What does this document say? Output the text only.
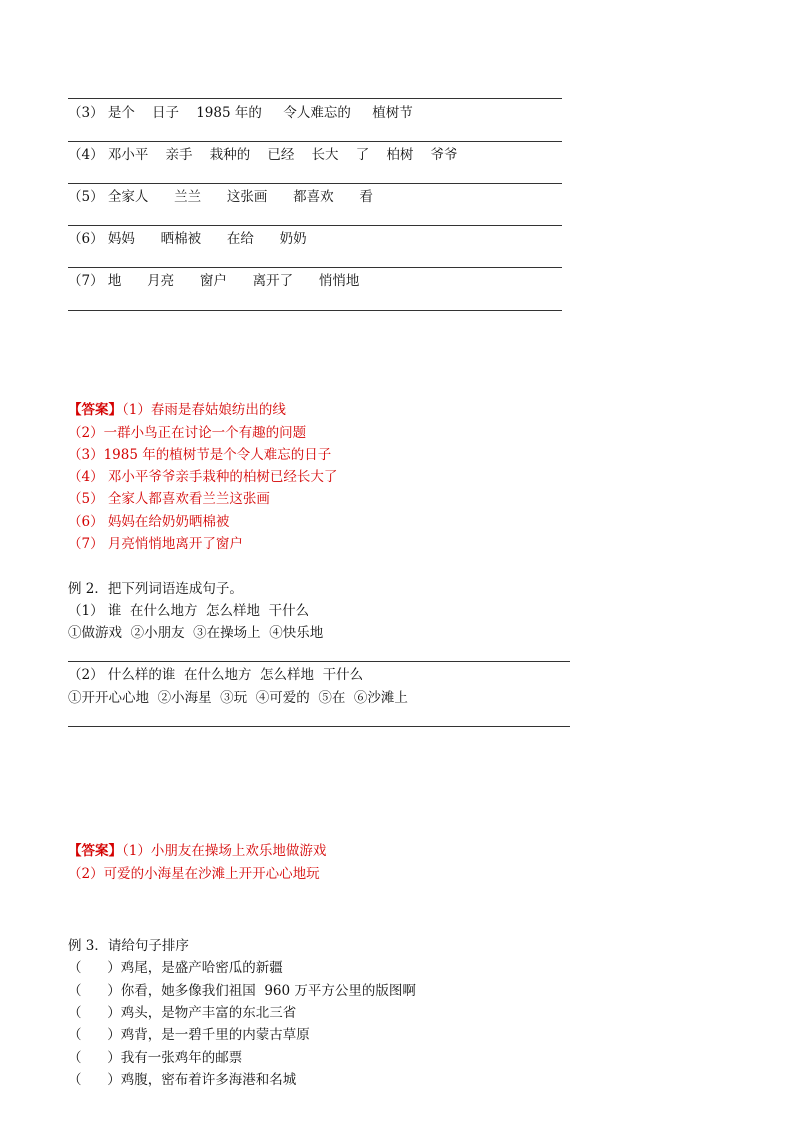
（3） 是个    日子    1985 年的     令人难忘的     植树节
（4） 邓小平    亲手    栽种的    已经    长大    了    柏树    爷爷
（5） 全家人      兰兰      这张画      都喜欢      看
（6） 妈妈      晒棉被      在给      奶奶
（7） 地      月亮      窗户      离开了      悄悄地
【答案】（1）春雨是春姑娘纺出的线
（2）一群小鸟正在讨论一个有趣的问题
（3）1985 年的植树节是个令人难忘的日子
（4） 邓小平爷爷亲手栽种的柏树已经长大了
（5） 全家人都喜欢看兰兰这张画
（6） 妈妈在给奶奶晒棉被
（7） 月亮悄悄地离开了窗户
例 2．把下列词语连成句子。
（1） 谁  在什么地方  怎么样地  干什么
①做游戏  ②小朋友  ③在操场上  ④快乐地
（2） 什么样的谁  在什么地方  怎么样地  干什么
①开开心心地  ②小海星  ③玩  ④可爱的  ⑤在  ⑥沙滩上
【答案】（1）小朋友在操场上欢乐地做游戏
（2）可爱的小海星在沙滩上开开心心地玩
例 3．请给句子排序
（      ）鸡尾，是盛产哈密瓜的新疆
（      ）你看，她多像我们祖国  960 万平方公里的版图啊
（      ）鸡头，是物产丰富的东北三省
（      ）鸡背，是一碧千里的内蒙古草原
（      ）我有一张鸡年的邮票
（      ）鸡腹，密布着许多海港和名城
